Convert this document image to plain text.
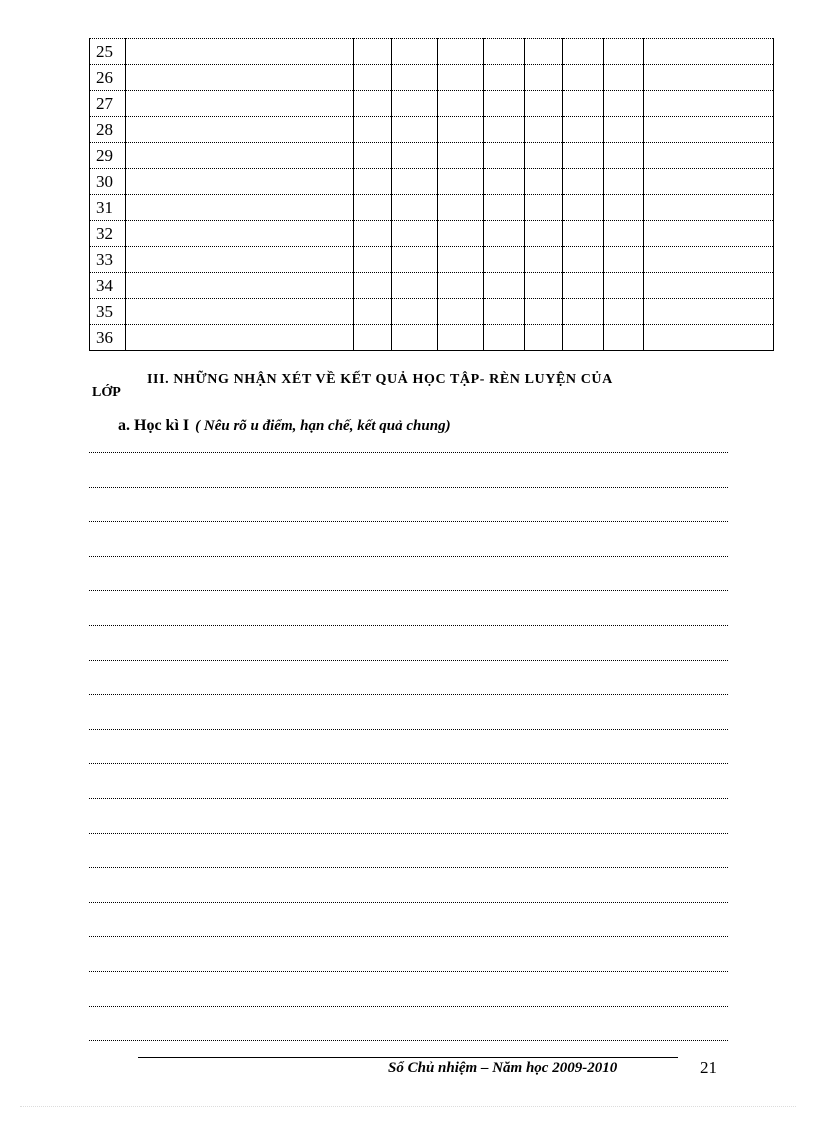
25									
26									
27									
28									
29									
30									
31									
32									
33									
34									
35									
36									
III. NHỮNG NHẬN XÉT VỀ KẾT QUẢ HỌC TẬP- RÈN LUYỆN CỦA
LỚP
a. Học kì I ( Nêu rõ u điểm, hạn chế, kết quả chung)
Sổ Chủ nhiệm – Năm học 2009-2010	21
